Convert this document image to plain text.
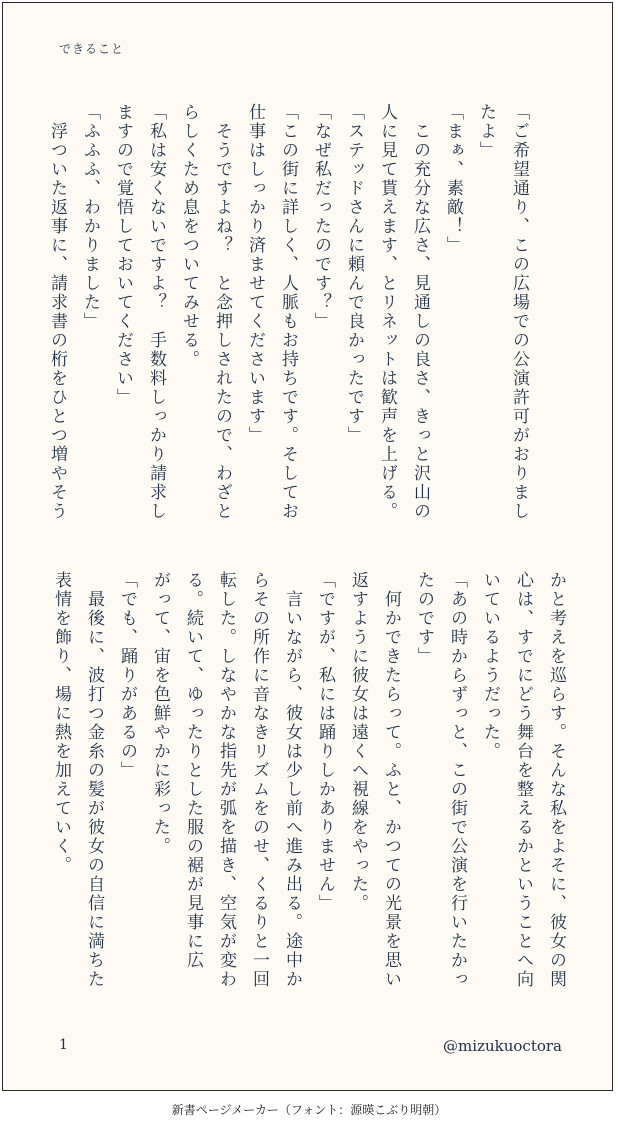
できること

「ご希望通り、この広場での公演許可がおりまし

たよ」

「まぁ、素敵！」

　この充分な広さ、見通しの良さ、きっと沢山の

人に見て貰えます、とリネットは歓声を上げる。

「ステッドさんに頼んで良かったです」

「なぜ私だったのです？」

「この街に詳しく、人脈もお持ちです。そしてお

仕事はしっかり済ませてくださいます」

　そうですよね？　と念押しされたので、わざと

らしくため息をついてみせる。

「私は安くないですよ？　手数料しっかり請求し

ますので覚悟しておいてください」

「ふふふ、わかりました」

　浮ついた返事に、請求書の桁をひとつ増やそう

かと考えを巡らす。そんな私をよそに、彼女の関

心は、すでにどう舞台を整えるかということへ向

いているようだった。

「あの時からずっと、この街で公演を行いたかっ

たのです」

　何かできたらって。ふと、かつての光景を思い

返すように彼女は遠くへ視線をやった。

「ですが、私には踊りしかありません」

　言いながら、彼女は少し前へ進み出る。途中か

らその所作に音なきリズムをのせ、くるりと一回

転した。しなやかな指先が弧を描き、空気が変わ

る。続いて、ゆったりとした服の裾が見事に広

がって、宙を色鮮やかに彩った。

「でも、踊りがあるの」

　最後に、波打つ金糸の髪が彼女の自信に満ちた

表情を飾り、場に熱を加えていく。

1	@mizukuoctora
新書ページメーカー（フォント：源暎こぶり明朝）
